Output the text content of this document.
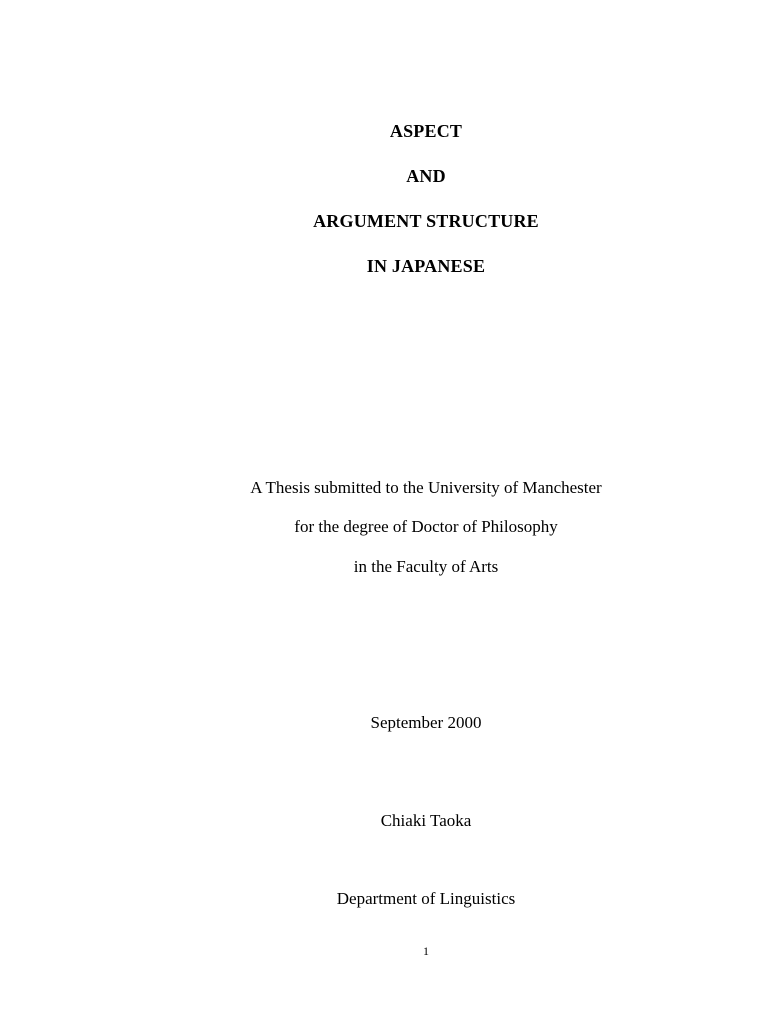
ASPECT
AND
ARGUMENT STRUCTURE
IN JAPANESE
A Thesis submitted to the University of Manchester
for the degree of Doctor of Philosophy
in the Faculty of Arts
September 2000
Chiaki Taoka
Department of Linguistics
1
